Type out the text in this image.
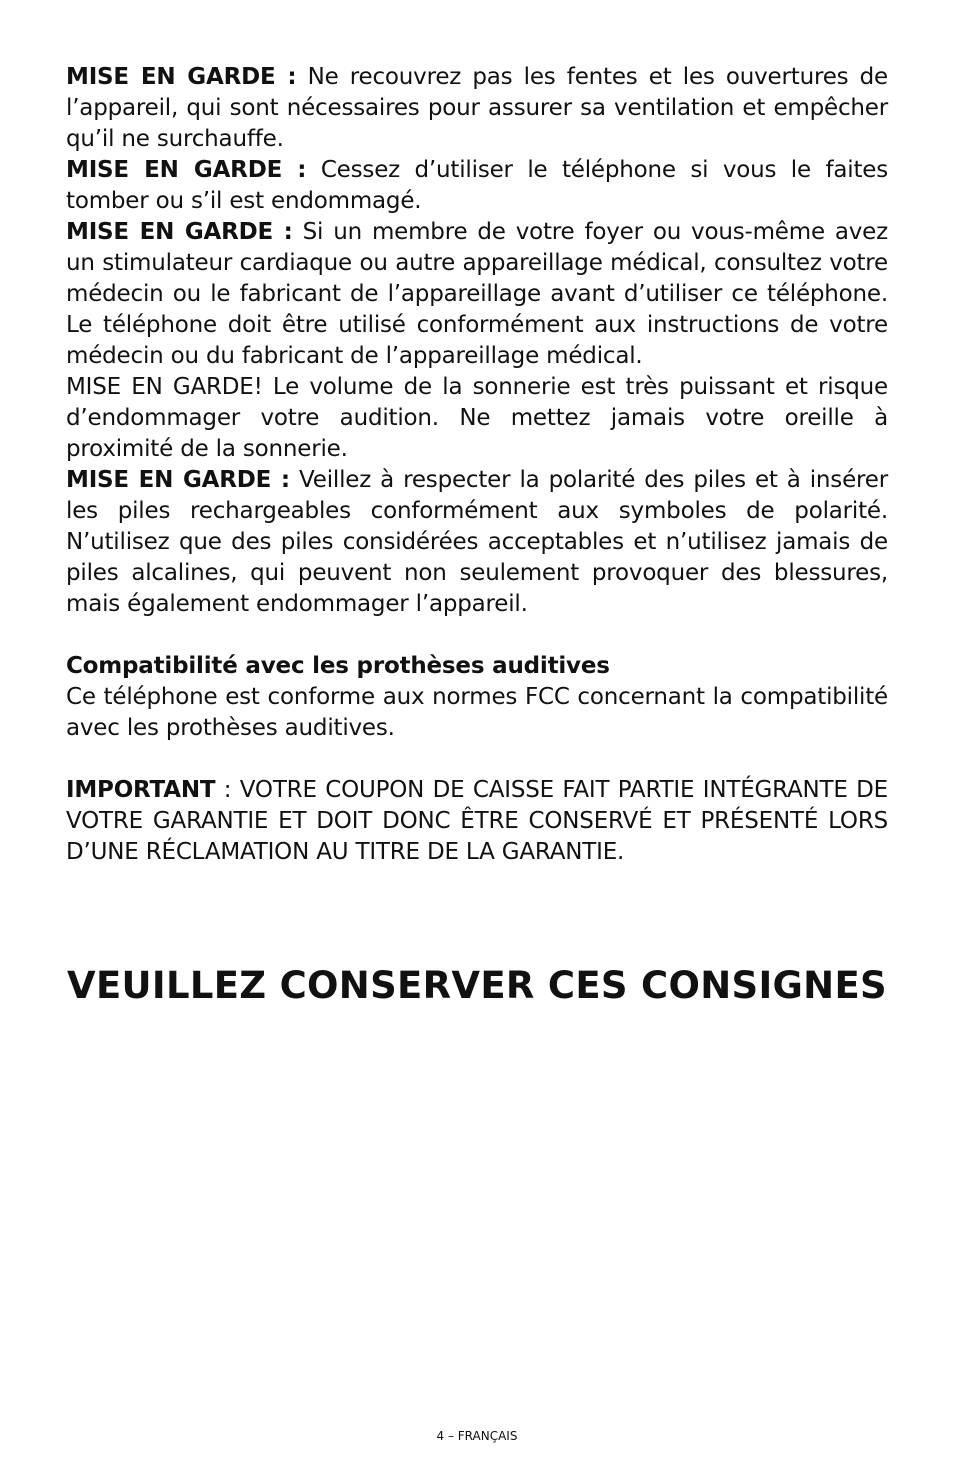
MISE EN GARDE : Ne recouvrez pas les fentes et les ouvertures de l’appareil, qui sont nécessaires pour assurer sa ventilation et empêcher qu’il ne surchauffe.

MISE EN GARDE : Cessez d’utiliser le téléphone si vous le faites tomber ou s’il est endommagé.

MISE EN GARDE : Si un membre de votre foyer ou vous-même avez un stimulateur cardiaque ou autre appareillage médical, consultez votre médecin ou le fabricant de l’appareillage avant d’utiliser ce téléphone. Le téléphone doit être utilisé conformément aux instructions de votre médecin ou du fabricant de l’appareillage médical.

MISE EN GARDE! Le volume de la sonnerie est très puissant et risque d’endommager votre audition. Ne mettez jamais votre oreille à proximité de la sonnerie.

MISE EN GARDE : Veillez à respecter la polarité des piles et à insérer les piles rechargeables conformément aux symboles de polarité. N’utilisez que des piles considérées acceptables et n’utilisez jamais de piles alcalines, qui peuvent non seulement provoquer des blessures, mais également endommager l’appareil.

Compatibilité avec les prothèses auditives

Ce téléphone est conforme aux normes FCC concernant la compatibilité avec les prothèses auditives.

IMPORTANT : VOTRE COUPON DE CAISSE FAIT PARTIE INTÉGRANTE DE VOTRE GARANTIE ET DOIT DONC ÊTRE CONSERVÉ ET PRÉSENTÉ LORS D’UNE RÉCLAMATION AU TITRE DE LA GARANTIE.

VEUILLEZ CONSERVER CES CONSIGNES
4 – FRANÇAIS
